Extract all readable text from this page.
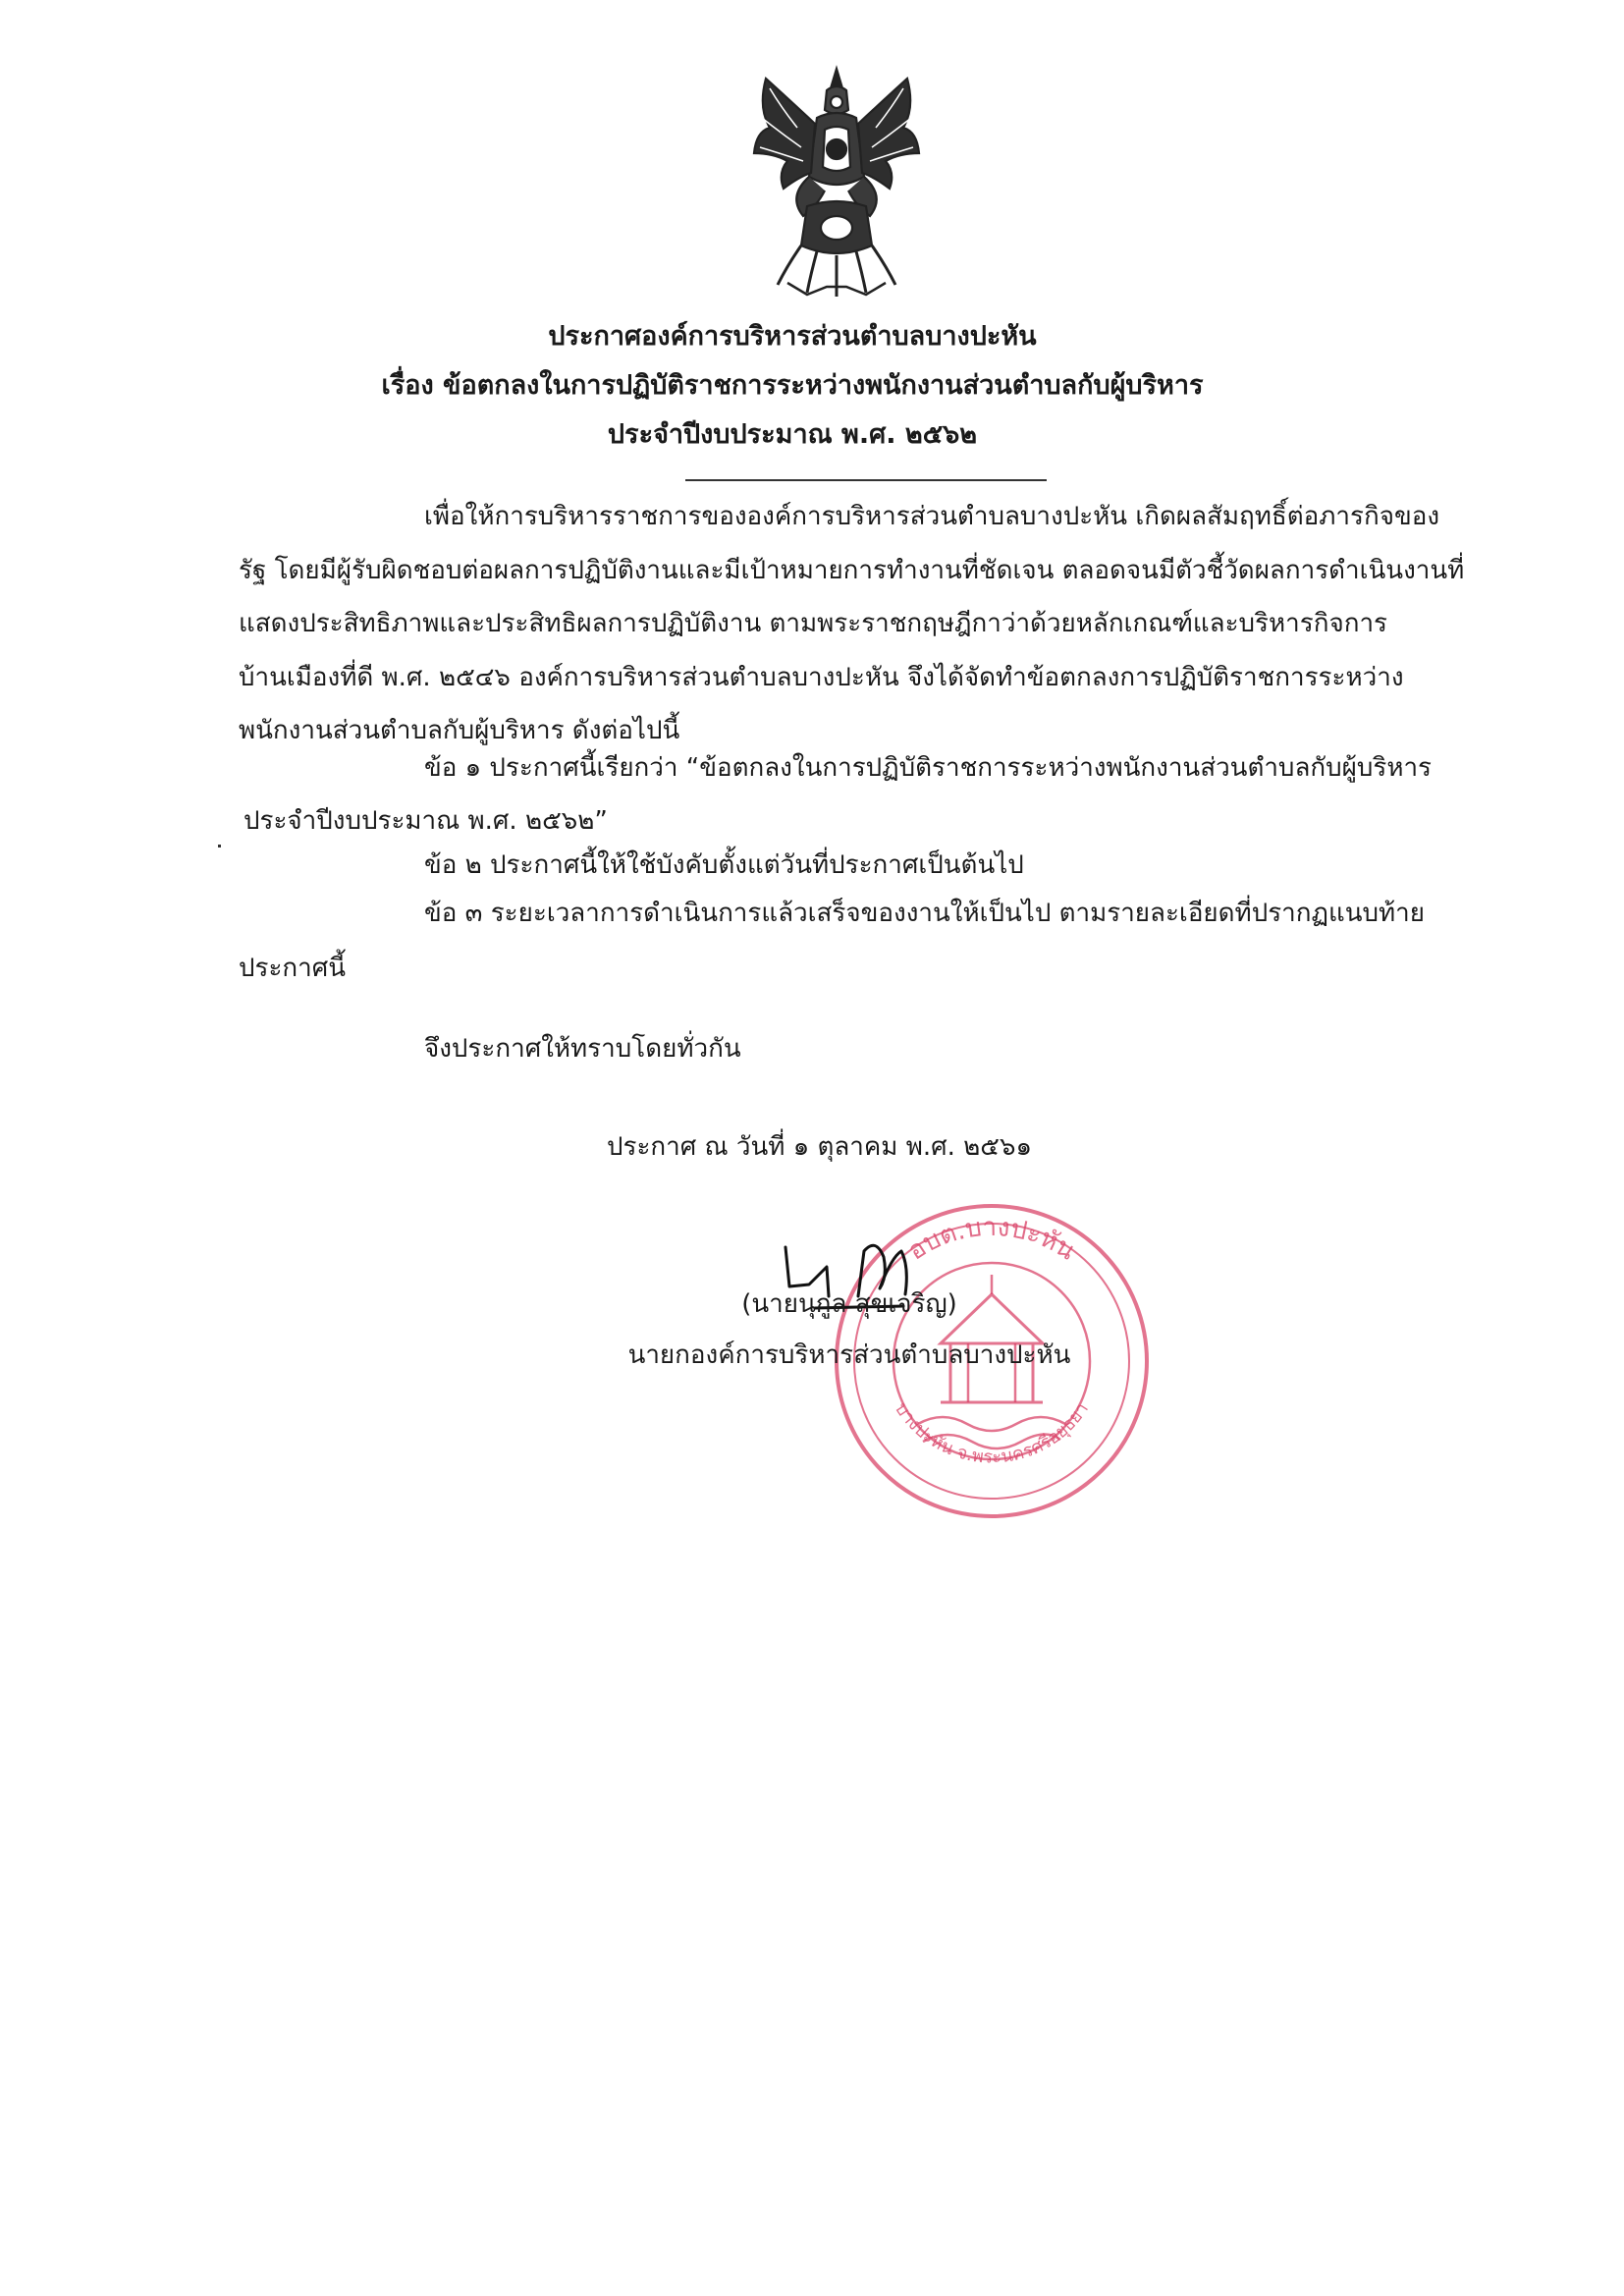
ประกาศองค์การบริหารส่วนตำบลบางปะหัน
เรื่อง ข้อตกลงในการปฏิบัติราชการระหว่างพนักงานส่วนตำบลกับผู้บริหาร
ประจำปีงบประมาณ พ.ศ. ๒๕๖๒
เพื่อให้การบริหารราชการขององค์การบริหารส่วนตำบลบางปะหัน เกิดผลสัมฤทธิ์ต่อภารกิจของ
รัฐ โดยมีผู้รับผิดชอบต่อผลการปฏิบัติงานและมีเป้าหมายการทำงานที่ชัดเจน ตลอดจนมีตัวชี้วัดผลการดำเนินงานที่
แสดงประสิทธิภาพและประสิทธิผลการปฏิบัติงาน ตามพระราชกฤษฎีกาว่าด้วยหลักเกณฑ์และบริหารกิจการ
บ้านเมืองที่ดี พ.ศ. ๒๕๔๖ องค์การบริหารส่วนตำบลบางปะหัน จึงได้จัดทำข้อตกลงการปฏิบัติราชการระหว่าง
พนักงานส่วนตำบลกับผู้บริหาร ดังต่อไปนี้
ข้อ ๑ ประกาศนี้เรียกว่า “ข้อตกลงในการปฏิบัติราชการระหว่างพนักงานส่วนตำบลกับผู้บริหาร
ประจำปีงบประมาณ พ.ศ. ๒๕๖๒”
ข้อ ๒ ประกาศนี้ให้ใช้บังคับตั้งแต่วันที่ประกาศเป็นต้นไป
ข้อ ๓ ระยะเวลาการดำเนินการแล้วเสร็จของงานให้เป็นไป ตามรายละเอียดที่ปรากฏแนบท้าย
ประกาศนี้
จึงประกาศให้ทราบโดยทั่วกัน
ประกาศ ณ วันที่ ๑ ตุลาคม พ.ศ. ๒๕๖๑
อบต.บางปะหัน
บางปะหัน จ.พระนครศรีอยุธยา
(นายนุกูล สุขเจริญ)
นายกองค์การบริหารส่วนตำบลบางปะหัน
